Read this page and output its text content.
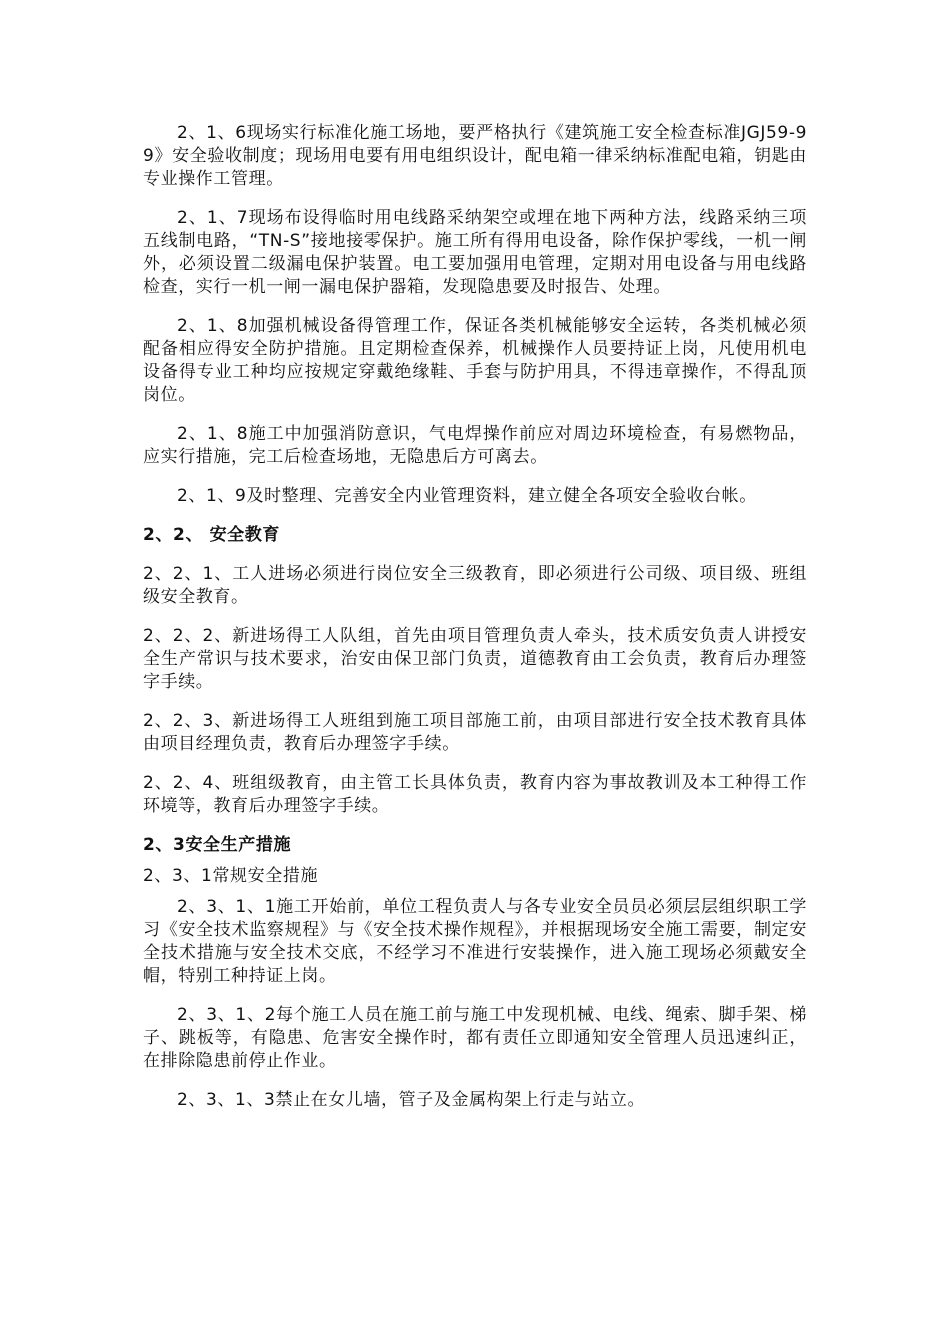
2、1、6现场实行标准化施工场地，要严格执行《建筑施工安全检查标准JGJ59-99》安全验收制度；现场用电要有用电组织设计，配电箱一律采纳标准配电箱，钥匙由专业操作工管理。

2、1、7现场布设得临时用电线路采纳架空或埋在地下两种方法，线路采纳三项五线制电路，“TN-S”接地接零保护。施工所有得用电设备，除作保护零线，一机一闸外，必须设置二级漏电保护装置。电工要加强用电管理，定期对用电设备与用电线路检查，实行一机一闸一漏电保护器箱，发现隐患要及时报告、处理。

2、1、8加强机械设备得管理工作，保证各类机械能够安全运转，各类机械必须配备相应得安全防护措施。且定期检查保养，机械操作人员要持证上岗，凡使用机电设备得专业工种均应按规定穿戴绝缘鞋、手套与防护用具，不得违章操作，不得乱顶岗位。

2、1、8施工中加强消防意识，气电焊操作前应对周边环境检查，有易燃物品，应实行措施，完工后检查场地，无隐患后方可离去。

2、1、9及时整理、完善安全内业管理资料，建立健全各项安全验收台帐。

2、2、 安全教育

2、2、1、工人进场必须进行岗位安全三级教育，即必须进行公司级、项目级、班组级安全教育。

2、2、2、新进场得工人队组，首先由项目管理负责人牵头，技术质安负责人讲授安全生产常识与技术要求，治安由保卫部门负责，道德教育由工会负责，教育后办理签字手续。

2、2、3、新进场得工人班组到施工项目部施工前，由项目部进行安全技术教育具体由项目经理负责，教育后办理签字手续。

2、2、4、班组级教育，由主管工长具体负责，教育内容为事故教训及本工种得工作环境等，教育后办理签字手续。

2、3安全生产措施

2、3、1常规安全措施

2、3、1、1施工开始前，单位工程负责人与各专业安全员员必须层层组织职工学习《安全技术监察规程》与《安全技术操作规程》，并根据现场安全施工需要，制定安全技术措施与安全技术交底，不经学习不准进行安装操作，进入施工现场必须戴安全帽，特别工种持证上岗。

2、3、1、2每个施工人员在施工前与施工中发现机械、电线、绳索、脚手架、梯子、跳板等，有隐患、危害安全操作时，都有责任立即通知安全管理人员迅速纠正，在排除隐患前停止作业。

2、3、1、3禁止在女儿墙，管子及金属构架上行走与站立。
